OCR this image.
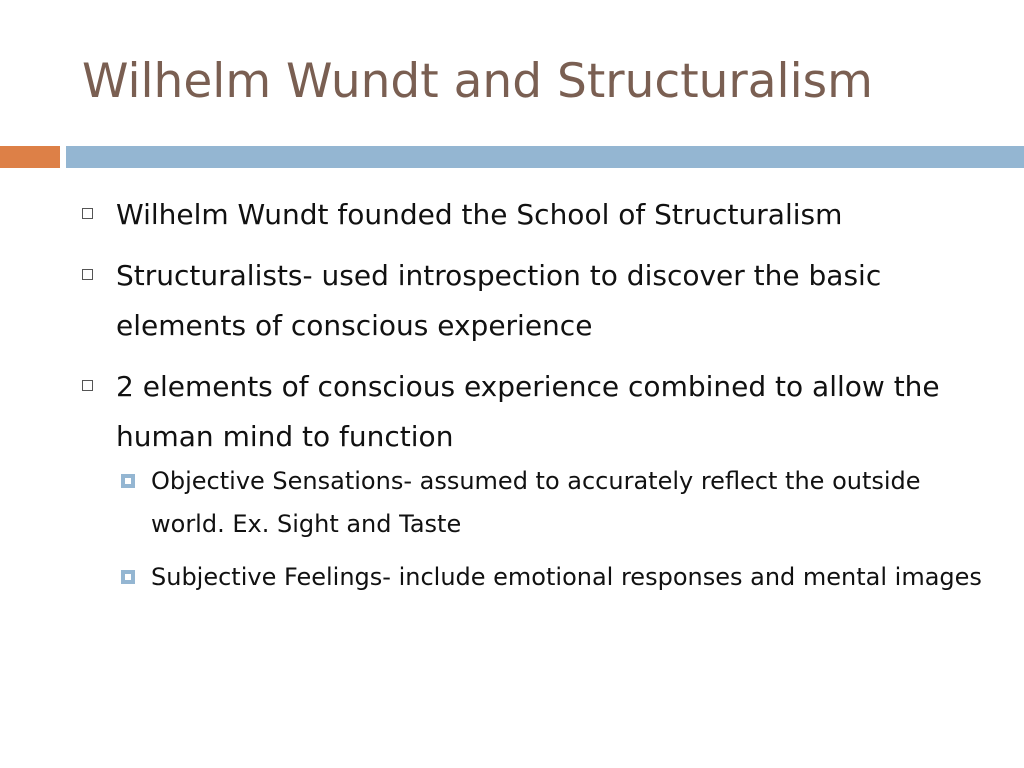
Wilhelm Wundt and Structuralism
Wilhelm Wundt founded the School of Structuralism
Structuralists- used introspection to discover the basic elements of conscious experience
2 elements of conscious experience combined to allow the human mind to function
Objective Sensations- assumed to accurately reflect the outside world. Ex. Sight and Taste
Subjective Feelings- include emotional responses and mental images
